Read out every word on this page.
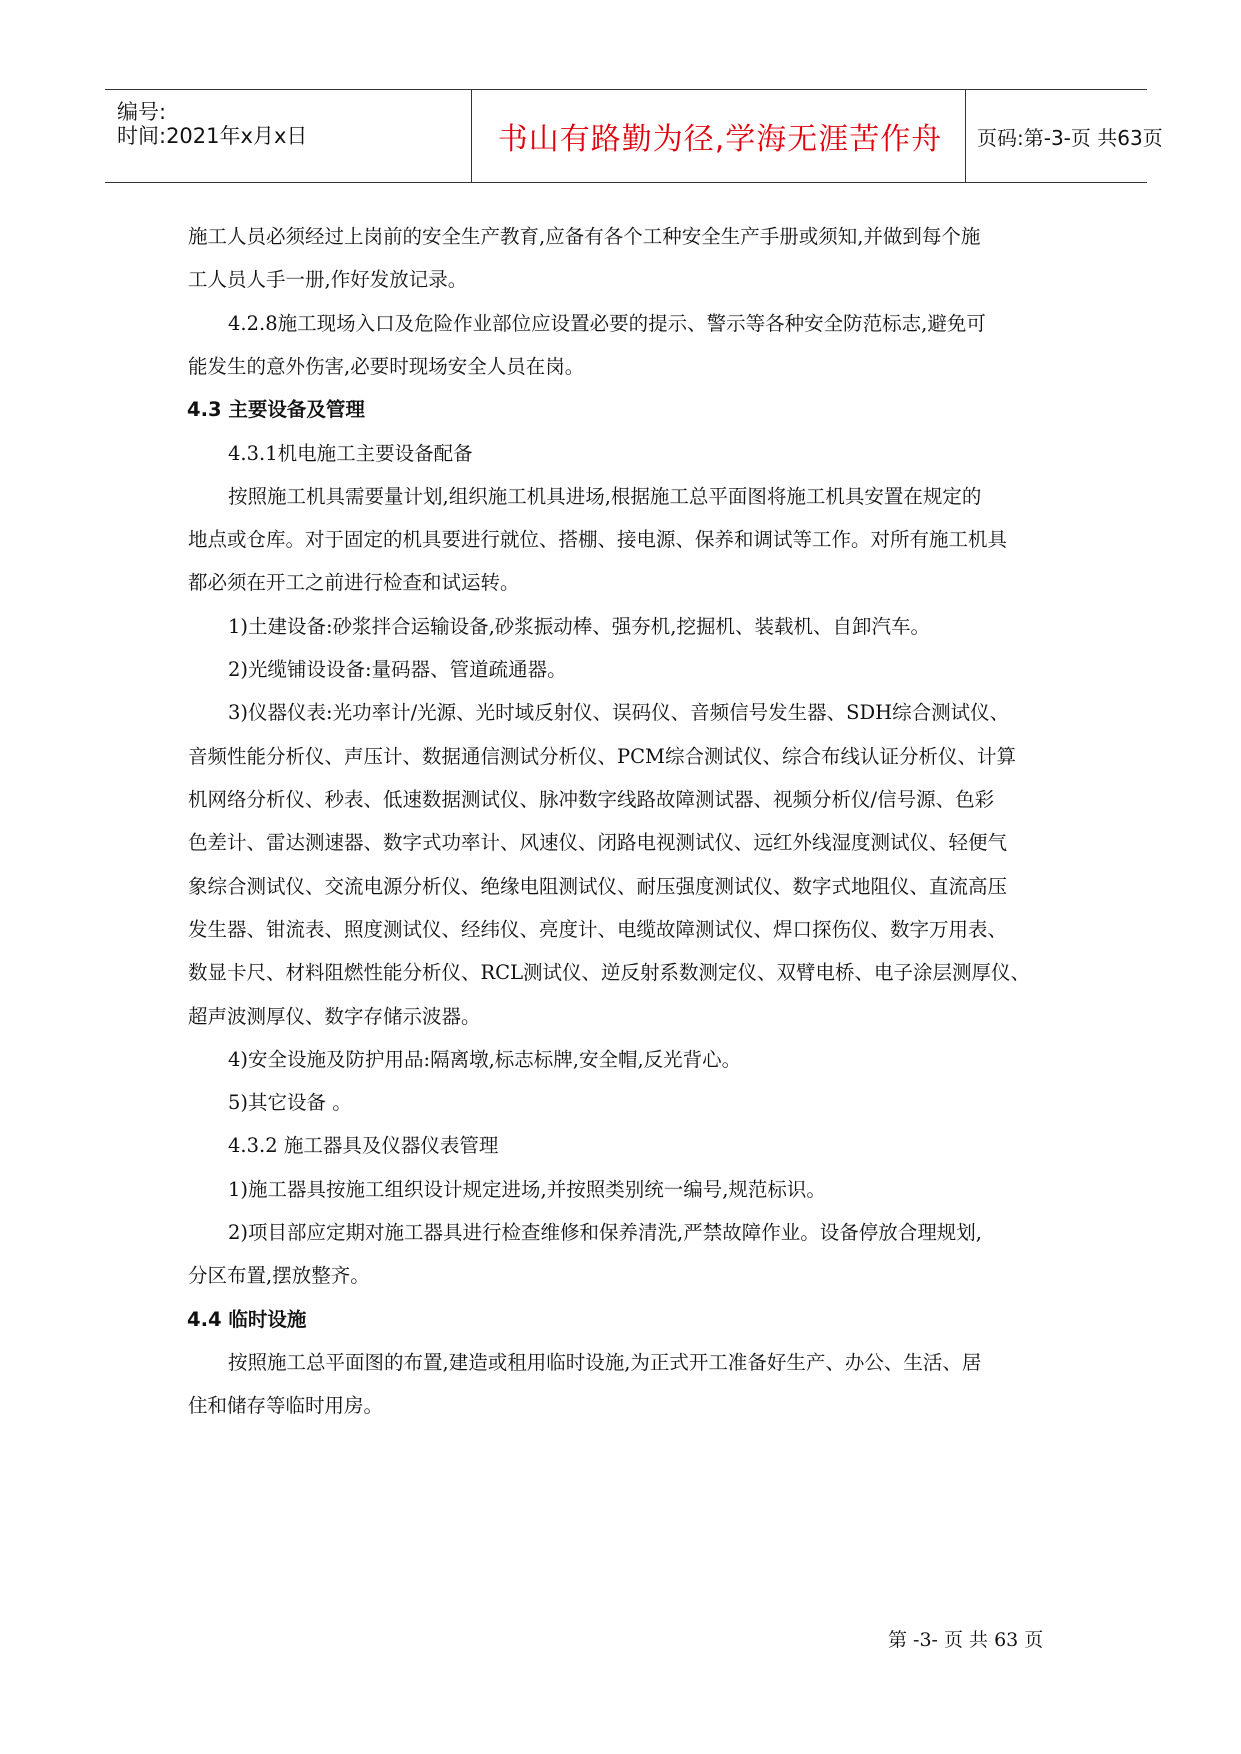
编号:
时间:2021年x月x日	书山有路勤为径,学海无涯苦作舟 页码:第-3-页 共63页
施工人员必须经过上岗前的安全生产教育,应备有各个工种安全生产手册或须知,并做到每个施
工人员人手一册,作好发放记录。
4.2.8施工现场入口及危险作业部位应设置必要的提示、警示等各种安全防范标志,避免可
能发生的意外伤害,必要时现场安全人员在岗。
4.3 主要设备及管理
4.3.1机电施工主要设备配备
按照施工机具需要量计划,组织施工机具进场,根据施工总平面图将施工机具安置在规定的
地点或仓库。对于固定的机具要进行就位、搭棚、接电源、保养和调试等工作。对所有施工机具
都必须在开工之前进行检查和试运转。
1)土建设备:砂浆拌合运输设备,砂浆振动棒、强夯机,挖掘机、装载机、自卸汽车。
2)光缆铺设设备:量码器、管道疏通器。
3)仪器仪表:光功率计/光源、光时域反射仪、误码仪、音频信号发生器、SDH综合测试仪、
音频性能分析仪、声压计、数据通信测试分析仪、PCM综合测试仪、综合布线认证分析仪、计算
机网络分析仪、秒表、低速数据测试仪、脉冲数字线路故障测试器、视频分析仪/信号源、色彩
色差计、雷达测速器、数字式功率计、风速仪、闭路电视测试仪、远红外线湿度测试仪、轻便气
象综合测试仪、交流电源分析仪、绝缘电阻测试仪、耐压强度测试仪、数字式地阻仪、直流高压
发生器、钳流表、照度测试仪、经纬仪、亮度计、电缆故障测试仪、焊口探伤仪、数字万用表、
数显卡尺、材料阻燃性能分析仪、RCL测试仪、逆反射系数测定仪、双臂电桥、电子涂层测厚仪、
超声波测厚仪、数字存储示波器。
4)安全设施及防护用品:隔离墩,标志标牌,安全帽,反光背心。
5)其它设备 。
4.3.2 施工器具及仪器仪表管理
1)施工器具按施工组织设计规定进场,并按照类别统一编号,规范标识。
2)项目部应定期对施工器具进行检查维修和保养清洗,严禁故障作业。设备停放合理规划,
分区布置,摆放整齐。
4.4 临时设施
按照施工总平面图的布置,建造或租用临时设施,为正式开工准备好生产、办公、生活、居
住和储存等临时用房。
第 -3- 页 共 63 页
